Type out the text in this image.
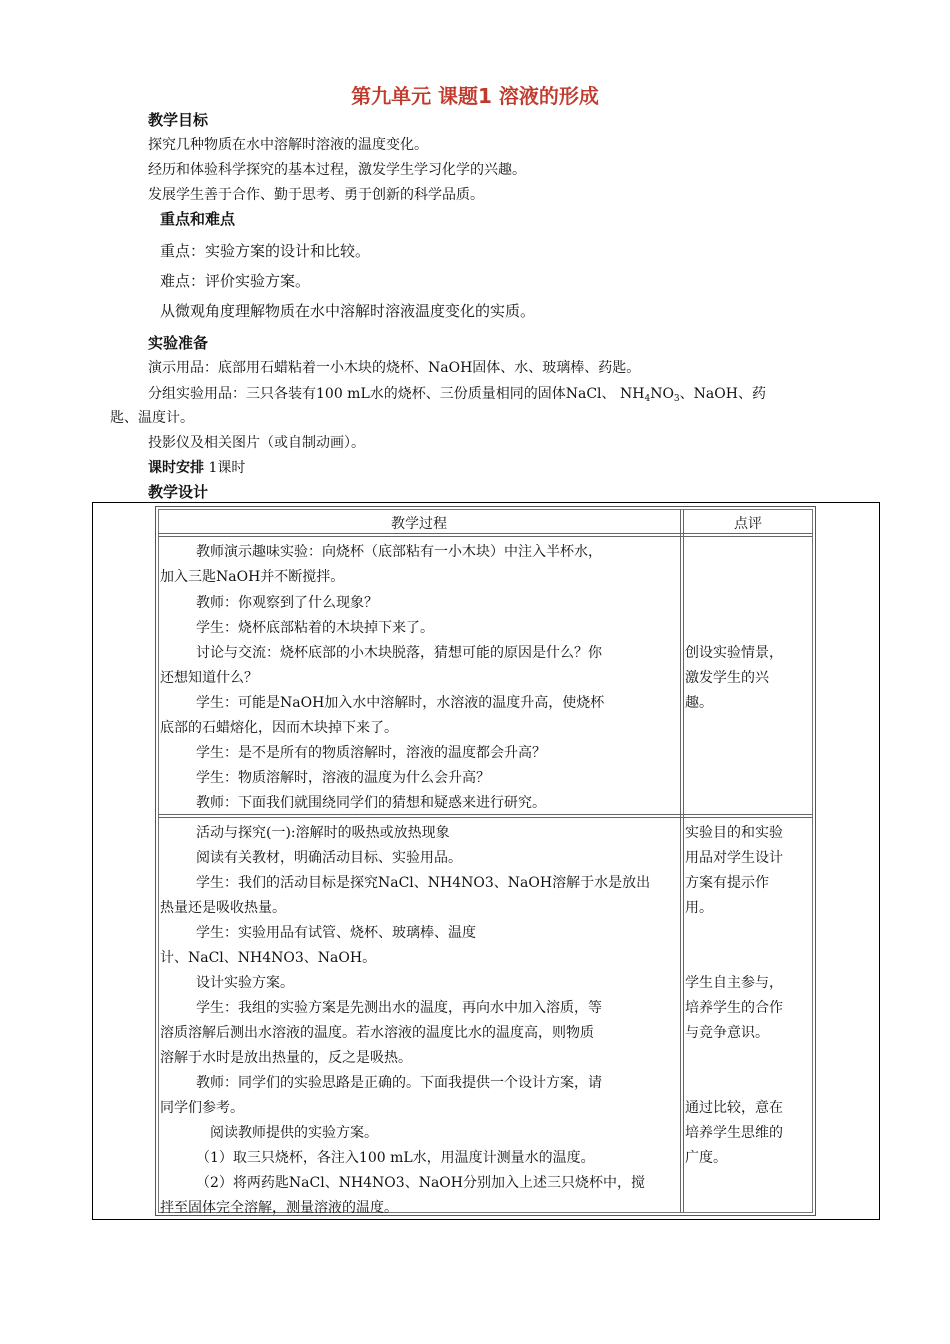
第九单元 课题1 溶液的形成
教学目标
探究几种物质在水中溶解时溶液的温度变化。
经历和体验科学探究的基本过程，激发学生学习化学的兴趣。
发展学生善于合作、勤于思考、勇于创新的科学品质。
重点和难点
重点：实验方案的设计和比较。
难点：评价实验方案。
从微观角度理解物质在水中溶解时溶液温度变化的实质。
实验准备
演示用品：底部用石蜡粘着一小木块的烧杯、NaOH固体、水、玻璃棒、药匙。
分组实验用品：三只各装有100 mL水的烧杯、三份质量相同的固体NaCl、 $NH_4NO_3$、NaOH、药
匙、温度计。
投影仪及相关图片（或自制动画）。
课时安排 1课时
教学设计
教学过程	点评
教师演示趣味实验：向烧杯（底部粘有一小木块）中注入半杯水，
加入三匙NaOH并不断搅拌。
教师：你观察到了什么现象？
学生：烧杯底部粘着的木块掉下来了。
讨论与交流：烧杯底部的小木块脱落，猜想可能的原因是什么？你
还想知道什么？
学生：可能是NaOH加入水中溶解时，水溶液的温度升高，使烧杯
底部的石蜡熔化，因而木块掉下来了。
学生：是不是所有的物质溶解时，溶液的温度都会升高？
学生：物质溶解时，溶液的温度为什么会升高？
教师：下面我们就围绕同学们的猜想和疑惑来进行研究。
创设实验情景，
激发学生的兴
趣。
活动与探究(一):溶解时的吸热或放热现象
阅读有关教材，明确活动目标、实验用品。
学生：我们的活动目标是探究NaCl、NH4NO3、NaOH溶解于水是放出
热量还是吸收热量。
学生：实验用品有试管、烧杯、玻璃棒、温度
计、NaCl、NH4NO3、NaOH。
设计实验方案。
学生：我组的实验方案是先测出水的温度，再向水中加入溶质，等
溶质溶解后测出水溶液的温度。若水溶液的温度比水的温度高，则物质
溶解于水时是放出热量的，反之是吸热。
教师：同学们的实验思路是正确的。下面我提供一个设计方案，请
同学们参考。
阅读教师提供的实验方案。
（1）取三只烧杯，各注入100 mL水，用温度计测量水的温度。
（2）将两药匙NaCl、NH4NO3、NaOH分别加入上述三只烧杯中，搅
拌至固体完全溶解，测量溶液的温度。
实验目的和实验
用品对学生设计
方案有提示作
用。
学生自主参与，
培养学生的合作
与竞争意识。
通过比较，意在
培养学生思维的
广度。
